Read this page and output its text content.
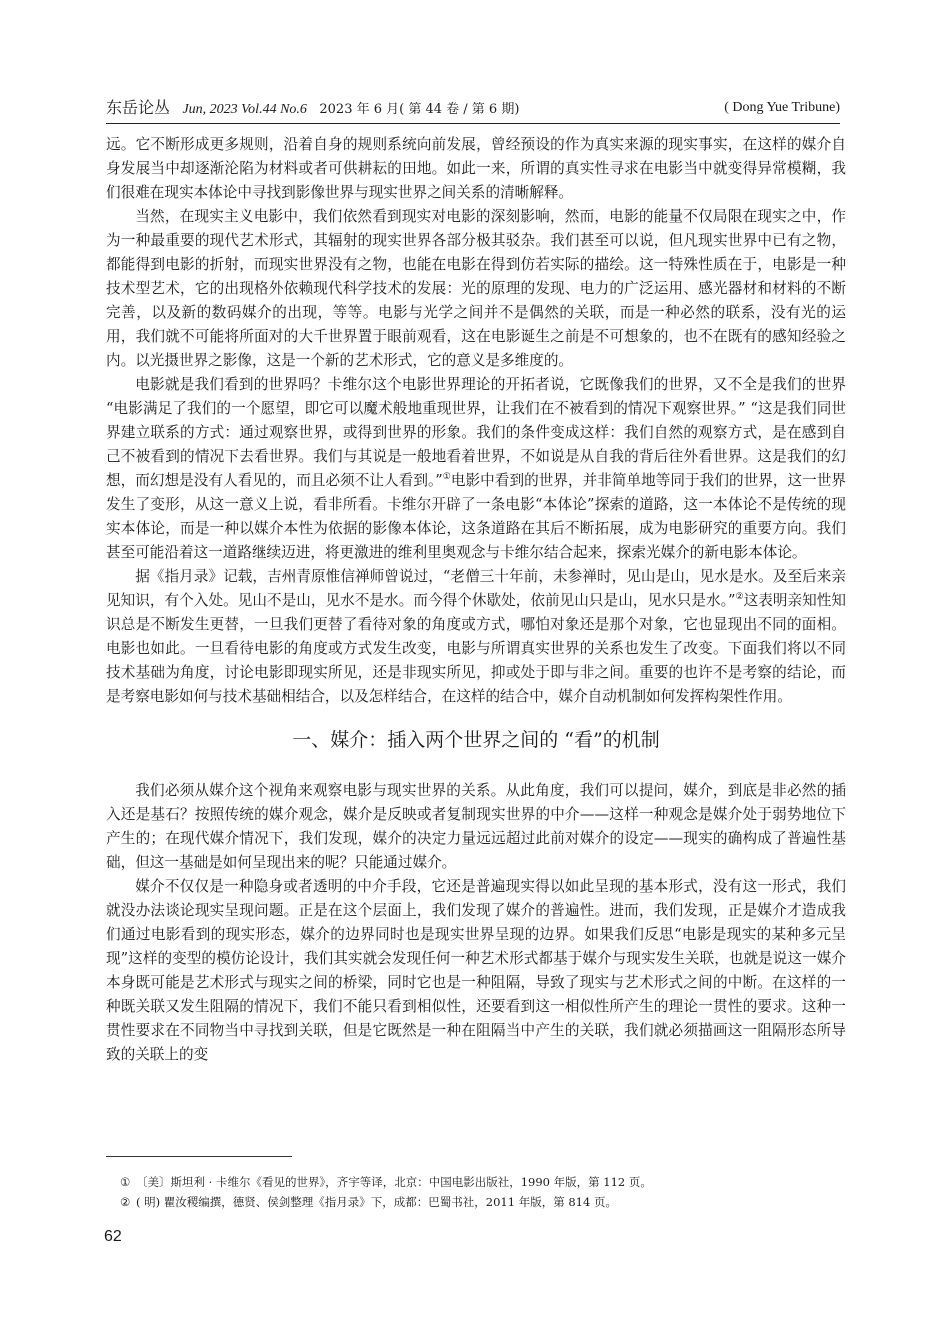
东岳论丛 Jun, 2023 Vol.44 No.6 2023 年 6 月( 第 44 卷 / 第 6 期)	( Dong Yue Tribune)

远。它不断形成更多规则，沿着自身的规则系统向前发展，曾经预设的作为真实来源的现实事实，在这样的媒介自身发展当中却逐渐沦陷为材料或者可供耕耘的田地。如此一来，所谓的真实性寻求在电影当中就变得异常模糊，我们很难在现实本体论中寻找到影像世界与现实世界之间关系的清晰解释。

当然，在现实主义电影中，我们依然看到现实对电影的深刻影响，然而，电影的能量不仅局限在现实之中，作为一种最重要的现代艺术形式，其辐射的现实世界各部分极其驳杂。我们甚至可以说，但凡现实世界中已有之物，都能得到电影的折射，而现实世界没有之物，也能在电影在得到仿若实际的描绘。这一特殊性质在于，电影是一种技术型艺术，它的出现格外依赖现代科学技术的发展：光的原理的发现、电力的广泛运用、感光器材和材料的不断完善，以及新的数码媒介的出现，等等。电影与光学之间并不是偶然的关联，而是一种必然的联系，没有光的运用，我们就不可能将所面对的大千世界置于眼前观看，这在电影诞生之前是不可想象的，也不在既有的感知经验之内。以光摄世界之影像，这是一个新的艺术形式，它的意义是多维度的。

电影就是我们看到的世界吗？卡维尔这个电影世界理论的开拓者说，它既像我们的世界，又不全是我们的世界 “电影满足了我们的一个愿望，即它可以魔术般地重现世界，让我们在不被看到的情况下观察世界。” “这是我们同世界建立联系的方式：通过观察世界，或得到世界的形象。我们的条件变成这样：我们自然的观察方式，是在感到自己不被看到的情况下去看世界。我们与其说是一般地看着世界，不如说是从自我的背后往外看世界。这是我们的幻想，而幻想是没有人看见的，而且必须不让人看到。”①电影中看到的世界，并非简单地等同于我们的世界，这一世界发生了变形，从这一意义上说，看非所看。卡维尔开辟了一条电影“本体论”探索的道路，这一本体论不是传统的现实本体论，而是一种以媒介本性为依据的影像本体论，这条道路在其后不断拓展，成为电影研究的重要方向。我们甚至可能沿着这一道路继续迈进，将更激进的维利里奥观念与卡维尔结合起来，探索光媒介的新电影本体论。

据《指月录》记载，吉州青原惟信禅师曾说过，“老僧三十年前，未参禅时，见山是山，见水是水。及至后来亲见知识，有个入处。见山不是山，见水不是水。而今得个休歇处，依前见山只是山，见水只是水。”②这表明亲知性知识总是不断发生更替，一旦我们更替了看待对象的角度或方式，哪怕对象还是那个对象，它也显现出不同的面相。电影也如此。一旦看待电影的角度或方式发生改变，电影与所谓真实世界的关系也发生了改变。下面我们将以不同技术基础为角度，讨论电影即现实所见，还是非现实所见，抑或处于即与非之间。重要的也许不是考察的结论，而是考察电影如何与技术基础相结合，以及怎样结合，在这样的结合中，媒介自动机制如何发挥构架性作用。

一、媒介：插入两个世界之间的 “看”的机制

我们必须从媒介这个视角来观察电影与现实世界的关系。从此角度，我们可以提问，媒介，到底是非必然的插入还是基石？按照传统的媒介观念，媒介是反映或者复制现实世界的中介——这样一种观念是媒介处于弱势地位下产生的；在现代媒介情况下，我们发现，媒介的决定力量远远超过此前对媒介的设定——现实的确构成了普遍性基础，但这一基础是如何呈现出来的呢？只能通过媒介。

媒介不仅仅是一种隐身或者透明的中介手段，它还是普遍现实得以如此呈现的基本形式，没有这一形式，我们就没办法谈论现实呈现问题。正是在这个层面上，我们发现了媒介的普遍性。进而，我们发现，正是媒介才造成我们通过电影看到的现实形态，媒介的边界同时也是现实世界呈现的边界。如果我们反思“电影是现实的某种多元呈现”这样的变型的模仿论设计，我们其实就会发现任何一种艺术形式都基于媒介与现实发生关联，也就是说这一媒介本身既可能是艺术形式与现实之间的桥梁，同时它也是一种阻隔，导致了现实与艺术形式之间的中断。在这样的一种既关联又发生阻隔的情况下，我们不能只看到相似性，还要看到这一相似性所产生的理论一贯性的要求。这种一贯性要求在不同物当中寻找到关联，但是它既然是一种在阻隔当中产生的关联，我们就必须描画这一阻隔形态所导致的关联上的变

① 〔美〕斯坦利 · 卡维尔《看见的世界》，齐宇等译，北京：中国电影出版社，1990 年版，第 112 页。
② ( 明) 瞿汝稷编撰，德贤、侯剑整理《指月录》下，成都：巴蜀书社，2011 年版，第 814 页。
62
